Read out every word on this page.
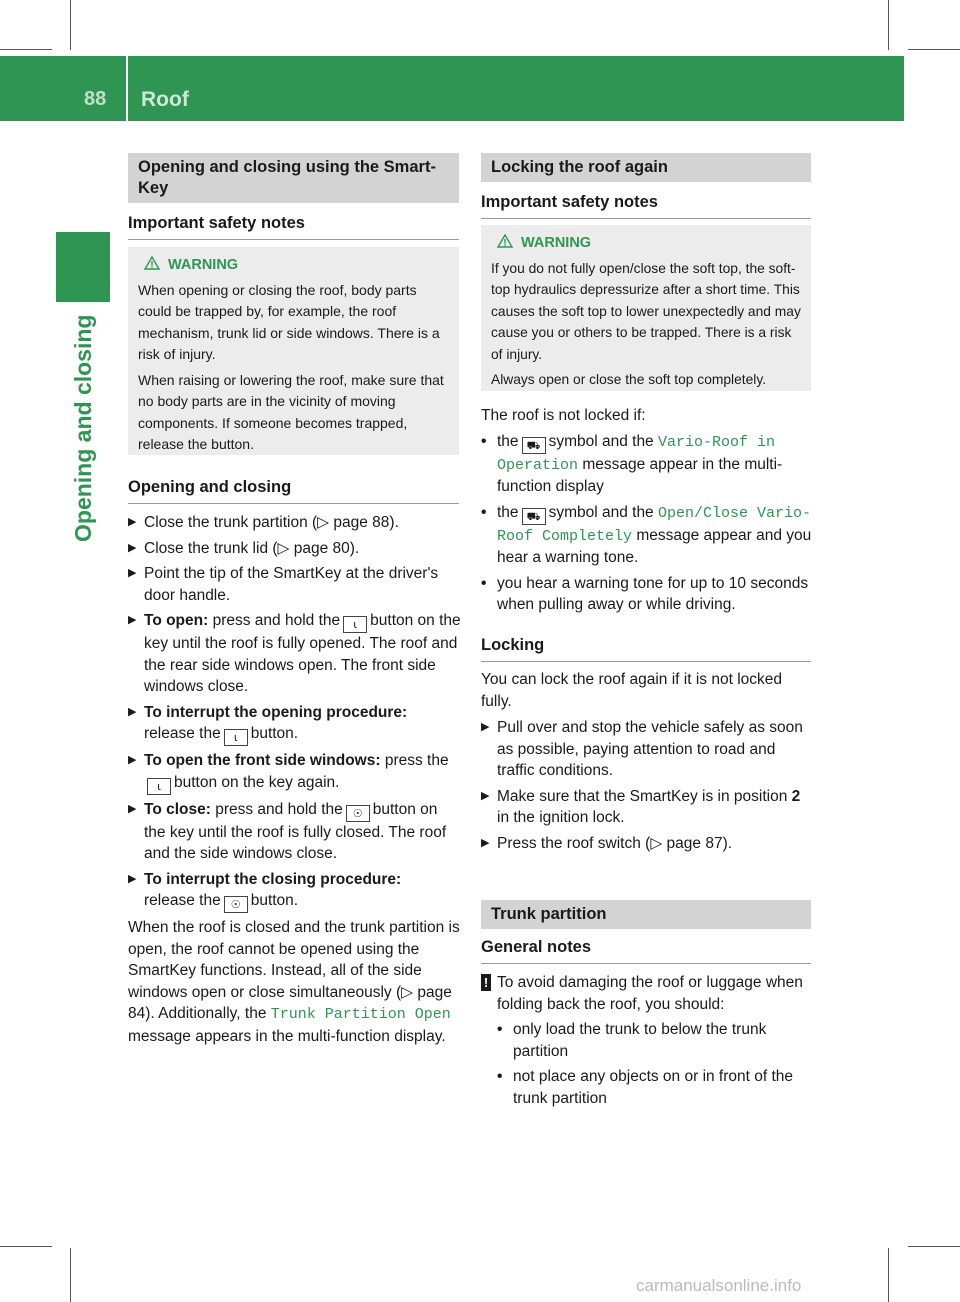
88 Roof
Opening and closing
Opening and closing using the Smart-Key
Important safety notes
WARNING

When opening or closing the roof, body parts could be trapped by, for example, the roof mechanism, trunk lid or side windows. There is a risk of injury.

When raising or lowering the roof, make sure that no body parts are in the vicinity of moving components. If someone becomes trapped, release the button.

Opening and closing
▶ Close the trunk partition (▷ page 88).
▶ Close the trunk lid (▷ page 80).
▶ Point the tip of the SmartKey at the driver's door handle.
▶ To open: press and hold the ⍳ button on the key until the roof is fully opened. The roof and the rear side windows open. The front side windows close.
▶ To interrupt the opening procedure:
release the ⍳ button.
▶ To open the front side windows: press the⍳ button on the key again.
▶ To close: press and hold the ☉ button on the key until the roof is fully closed. The roof and the side windows close.
▶ To interrupt the closing procedure:
release the ☉ button.

When the roof is closed and the trunk partition is open, the roof cannot be opened using the SmartKey functions. Instead, all of the side windows open or close simultaneously (▷ page 84). Additionally, the Trunk Partition Open message appears in the multi-function display.

Locking the roof again
Important safety notes
WARNING

If you do not fully open/close the soft top, the soft-top hydraulics depressurize after a short time. This causes the soft top to lower unexpectedly and may cause you or others to be trapped. There is a risk of injury.

Always open or close the soft top completely.

The roof is not locked if:

• the ⛟ symbol and the Vario-Roof in Operation message appear in the multi-function display
• the ⛟ symbol and the Open/Close Vario-Roof Completely message appear and you hear a warning tone.
• you hear a warning tone for up to 10 seconds when pulling away or while driving.
Locking

You can lock the roof again if it is not locked fully.

▶ Pull over and stop the vehicle safely as soon as possible, paying attention to road and traffic conditions.
▶ Make sure that the SmartKey is in position 2 in the ignition lock.
▶ Press the roof switch (▷ page 87).
Trunk partition
General notes
! To avoid damaging the roof or luggage when folding back the roof, you should:
• only load the trunk to below the trunk partition
• not place any objects on or in front of the trunk partition
carmanualsonline.info
